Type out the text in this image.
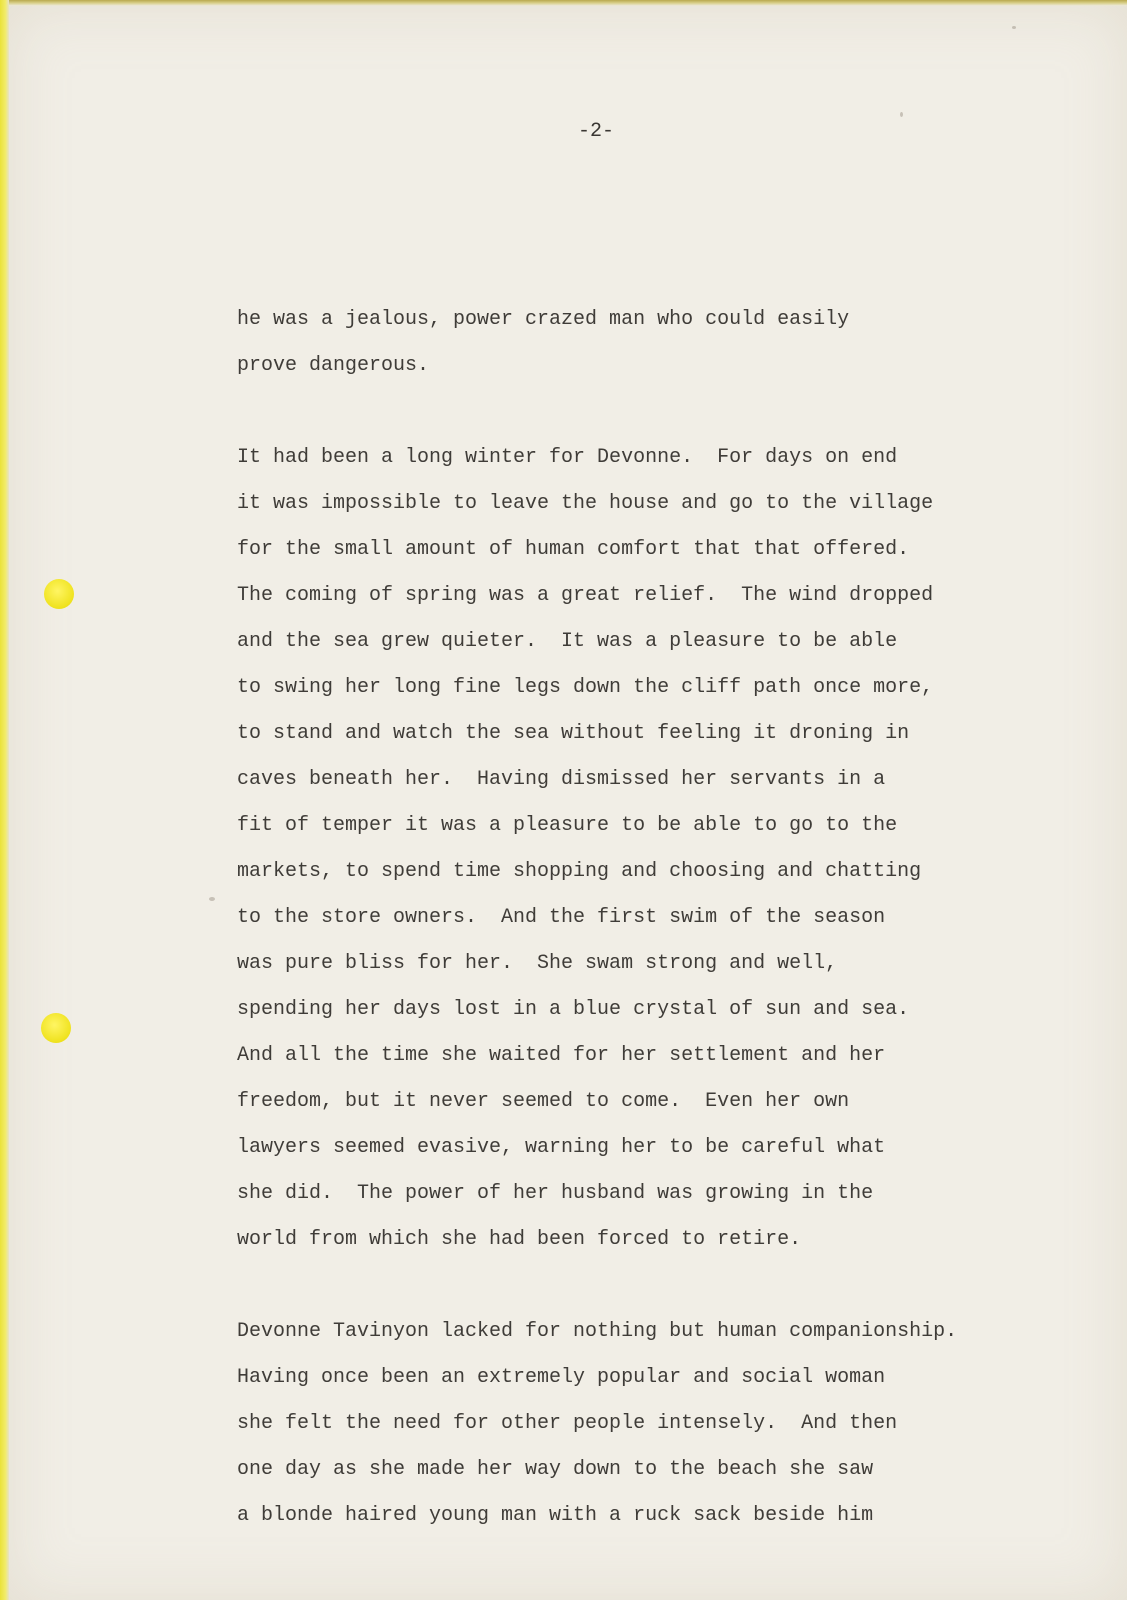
-2-
he was a jealous, power crazed man who could easily
prove dangerous.
It had been a long winter for Devonne.  For days on end
it was impossible to leave the house and go to the village
for the small amount of human comfort that that offered.
The coming of spring was a great relief.  The wind dropped
and the sea grew quieter.  It was a pleasure to be able
to swing her long fine legs down the cliff path once more,
to stand and watch the sea without feeling it droning in
caves beneath her.  Having dismissed her servants in a
fit of temper it was a pleasure to be able to go to the
markets, to spend time shopping and choosing and chatting
to the store owners.  And the first swim of the season
was pure bliss for her.  She swam strong and well,
spending her days lost in a blue crystal of sun and sea.
And all the time she waited for her settlement and her
freedom, but it never seemed to come.  Even her own
lawyers seemed evasive, warning her to be careful what
she did.  The power of her husband was growing in the
world from which she had been forced to retire.
Devonne Tavinyon lacked for nothing but human companionship.
Having once been an extremely popular and social woman
she felt the need for other people intensely.  And then
one day as she made her way down to the beach she saw
a blonde haired young man with a ruck sack beside him
